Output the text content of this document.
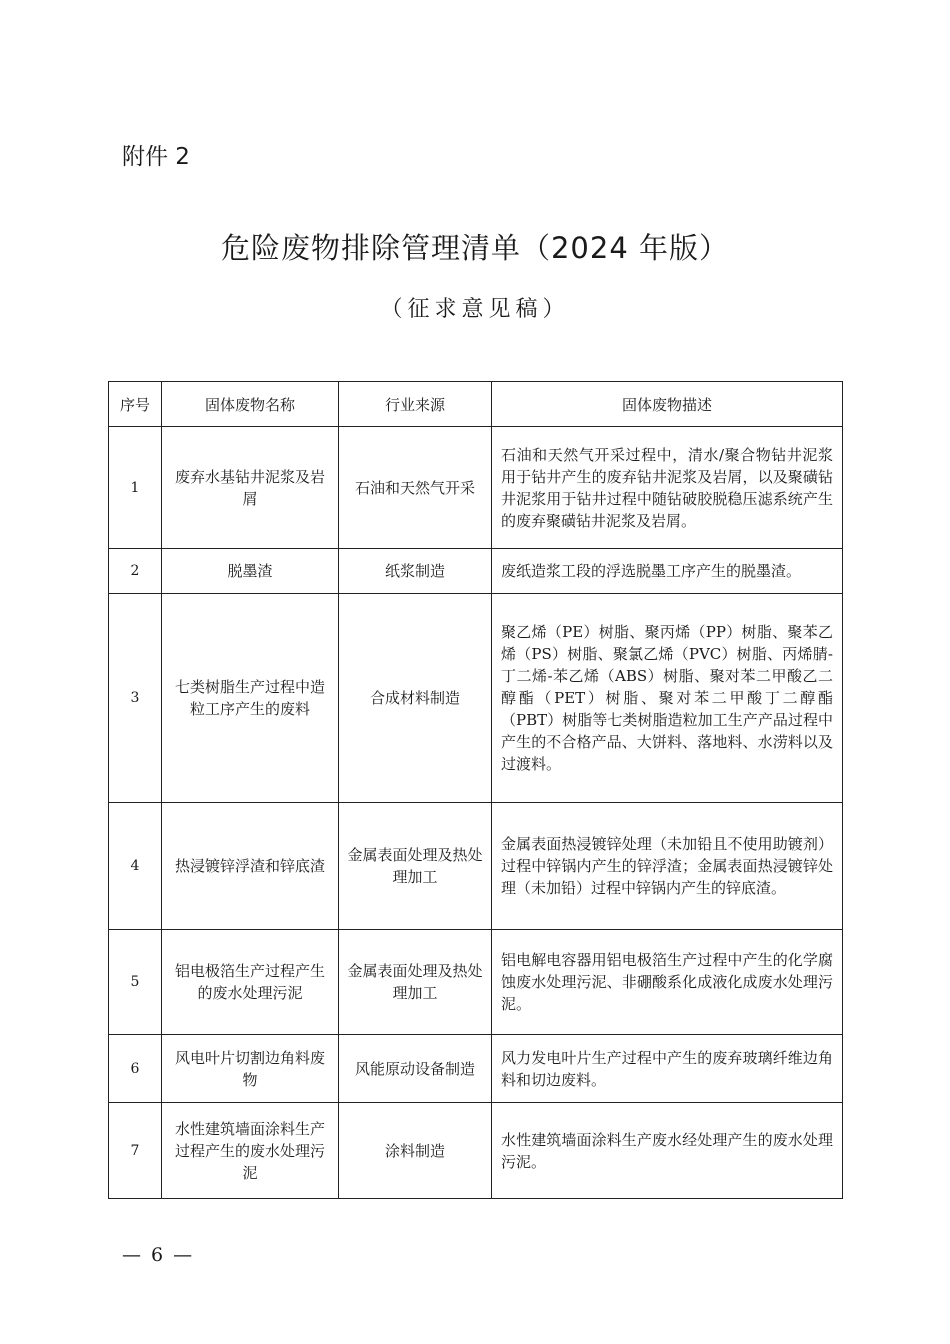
附件 2
危险废物排除管理清单（2024 年版）
（征求意见稿）
序号	固体废物名称	行业来源	固体废物描述
1	废弃水基钻井泥浆及岩屑	石油和天然气开采	石油和天然气开采过程中，清水/聚合物钻井泥浆用于钻井产生的废弃钻井泥浆及岩屑，以及聚磺钻井泥浆用于钻井过程中随钻破胶脱稳压滤系统产生的废弃聚磺钻井泥浆及岩屑。
2	脱墨渣	纸浆制造	废纸造浆工段的浮选脱墨工序产生的脱墨渣。
3	七类树脂生产过程中造粒工序产生的废料	合成材料制造	聚乙烯（PE）树脂、聚丙烯（PP）树脂、聚苯乙烯（PS）树脂、聚氯乙烯（PVC）树脂、丙烯腈-丁二烯-苯乙烯（ABS）树脂、聚对苯二甲酸乙二醇酯（PET）树脂、聚对苯二甲酸丁二醇酯（PBT）树脂等七类树脂造粒加工生产产品过程中产生的不合格产品、大饼料、落地料、水涝料以及过渡料。
4	热浸镀锌浮渣和锌底渣	金属表面处理及热处理加工	金属表面热浸镀锌处理（未加铅且不使用助镀剂）过程中锌锅内产生的锌浮渣；金属表面热浸镀锌处理（未加铅）过程中锌锅内产生的锌底渣。
5	铝电极箔生产过程产生的废水处理污泥	金属表面处理及热处理加工	铝电解电容器用铝电极箔生产过程中产生的化学腐蚀废水处理污泥、非硼酸系化成液化成废水处理污泥。
6	风电叶片切割边角料废物	风能原动设备制造	风力发电叶片生产过程中产生的废弃玻璃纤维边角料和切边废料。
7	水性建筑墙面涂料生产过程产生的废水处理污泥	涂料制造	水性建筑墙面涂料生产废水经处理产生的废水处理污泥。
— 6 —
